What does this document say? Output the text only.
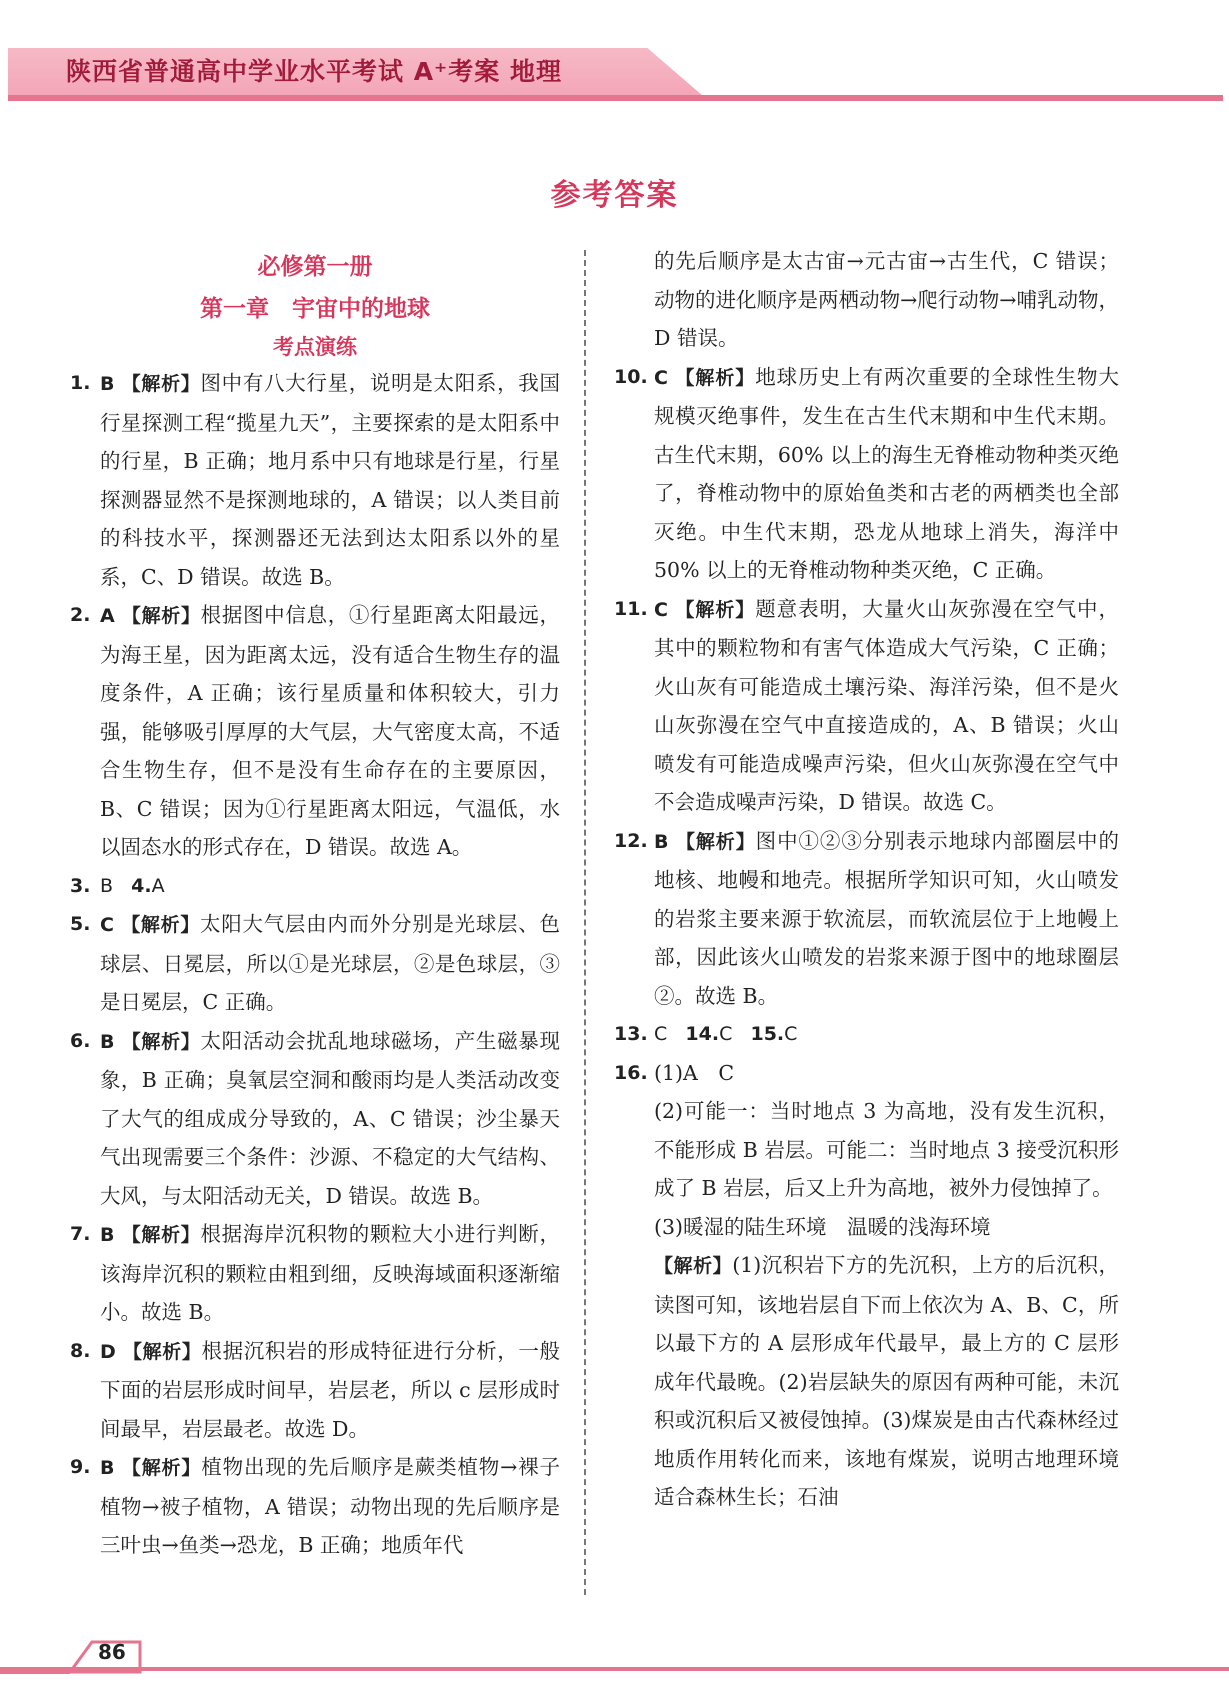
陕西省普通高中学业水平考试 A⁺考案 地理
参考答案
必修第一册
第一章　宇宙中的地球
考点演练
1. B 【解析】图中有八大行星，说明是太阳系，我国行星探测工程“揽星九天”，主要探索的是太阳系中的行星，B 正确；地月系中只有地球是行星，行星探测器显然不是探测地球的，A 错误；以人类目前的科技水平，探测器还无法到达太阳系以外的星系，C、D 错误。故选 B。
2. A 【解析】根据图中信息，①行星距离太阳最远，为海王星，因为距离太远，没有适合生物生存的温度条件，A 正确；该行星质量和体积较大，引力强，能够吸引厚厚的大气层，大气密度太高，不适合生物生存，但不是没有生命存在的主要原因，B、C 错误；因为①行星距离太阳远，气温低，水以固态水的形式存在，D 错误。故选 A。
3. B 4.A
5. C 【解析】太阳大气层由内而外分别是光球层、色球层、日冕层，所以①是光球层，②是色球层，③是日冕层，C 正确。
6. B 【解析】太阳活动会扰乱地球磁场，产生磁暴现象，B 正确；臭氧层空洞和酸雨均是人类活动改变了大气的组成成分导致的，A、C 错误；沙尘暴天气出现需要三个条件：沙源、不稳定的大气结构、大风，与太阳活动无关，D 错误。故选 B。
7. B 【解析】根据海岸沉积物的颗粒大小进行判断，该海岸沉积的颗粒由粗到细，反映海域面积逐渐缩小。故选 B。
8. D 【解析】根据沉积岩的形成特征进行分析，一般下面的岩层形成时间早，岩层老，所以 c 层形成时间最早，岩层最老。故选 D。
9. B 【解析】植物出现的先后顺序是蕨类植物→裸子植物→被子植物，A 错误；动物出现的先后顺序是三叶虫→鱼类→恐龙，B 正确；地质年代
的先后顺序是太古宙→元古宙→古生代，C 错误；动物的进化顺序是两栖动物→爬行动物→哺乳动物，D 错误。
10. C 【解析】地球历史上有两次重要的全球性生物大规模灭绝事件，发生在古生代末期和中生代末期。古生代末期，60% 以上的海生无脊椎动物种类灭绝了，脊椎动物中的原始鱼类和古老的两栖类也全部灭绝。中生代末期，恐龙从地球上消失，海洋中 50% 以上的无脊椎动物种类灭绝，C 正确。
11. C 【解析】题意表明，大量火山灰弥漫在空气中，其中的颗粒物和有害气体造成大气污染，C 正确；火山灰有可能造成土壤污染、海洋污染，但不是火山灰弥漫在空气中直接造成的，A、B 错误；火山喷发有可能造成噪声污染，但火山灰弥漫在空气中不会造成噪声污染，D 错误。故选 C。
12. B 【解析】图中①②③分别表示地球内部圈层中的地核、地幔和地壳。根据所学知识可知，火山喷发的岩浆主要来源于软流层，而软流层位于上地幔上部，因此该火山喷发的岩浆来源于图中的地球圈层②。故选 B。
13. C 14.C 15.C
16. (1)A　C
(2)可能一：当时地点 3 为高地，没有发生沉积，不能形成 B 岩层。可能二：当时地点 3 接受沉积形成了 B 岩层，后又上升为高地，被外力侵蚀掉了。
(3)暖湿的陆生环境　温暖的浅海环境
【解析】(1)沉积岩下方的先沉积，上方的后沉积，读图可知，该地岩层自下而上依次为 A、B、C，所以最下方的 A 层形成年代最早，最上方的 C 层形成年代最晚。(2)岩层缺失的原因有两种可能，未沉积或沉积后又被侵蚀掉。(3)煤炭是由古代森林经过地质作用转化而来，该地有煤炭，说明古地理环境适合森林生长；石油
86
